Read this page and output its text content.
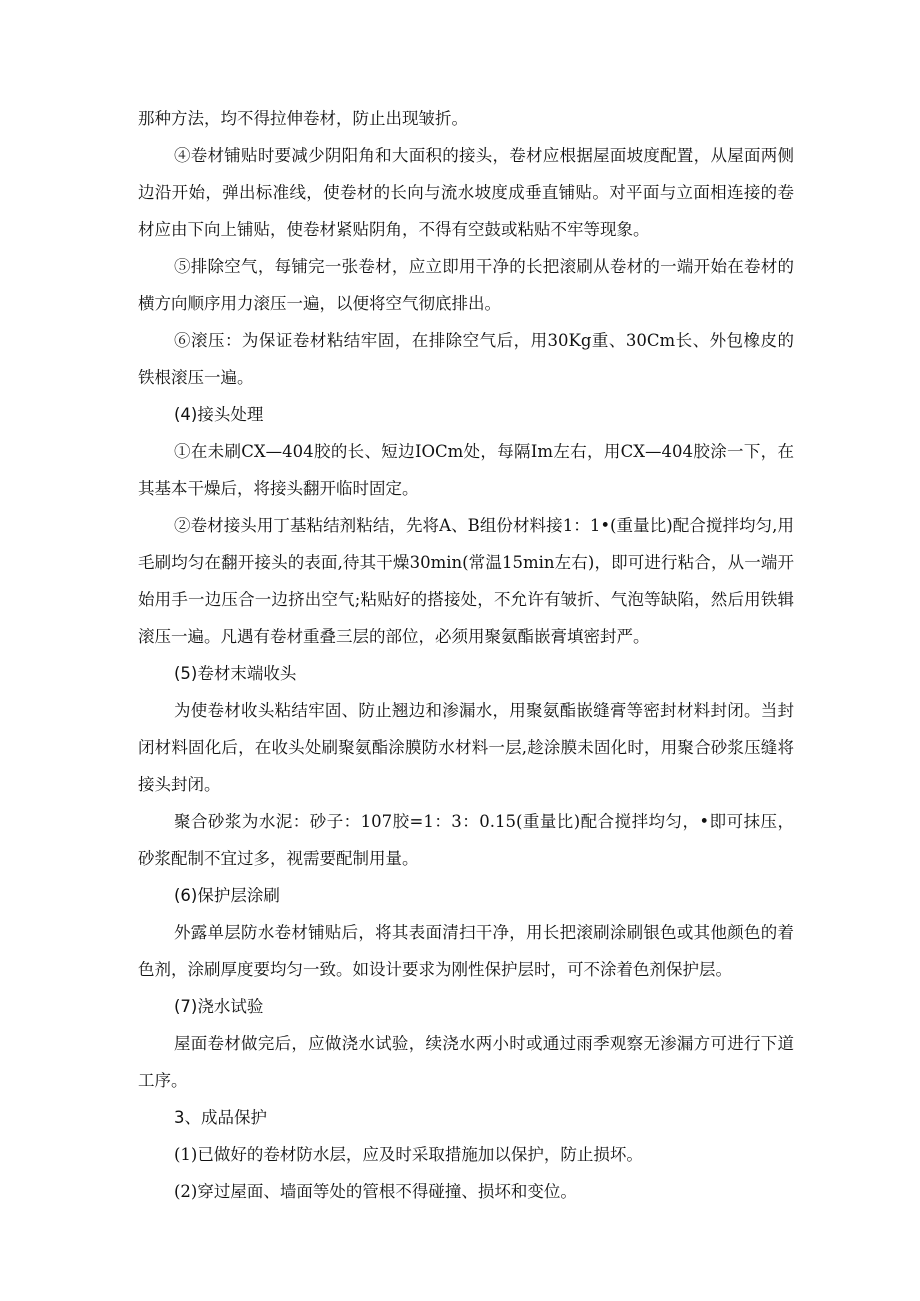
那种方法，均不得拉伸卷材，防止出现皱折。

④卷材铺贴时要减少阴阳角和大面积的接头，卷材应根据屋面坡度配置，从屋面两侧边沿开始，弹出标准线，使卷材的长向与流水坡度成垂直铺贴。对平面与立面相连接的卷材应由下向上铺贴，使卷材紧贴阴角，不得有空鼓或粘贴不牢等现象。

⑤排除空气，每铺完一张卷材，应立即用干净的长把滚刷从卷材的一端开始在卷材的横方向顺序用力滚压一遍，以便将空气彻底排出。

⑥滚压：为保证卷材粘结牢固，在排除空气后，用30Kg重、30Cm长、外包橡皮的铁根滚压一遍。

(4)接头处理

①在未刷CX—404胶的长、短边IOCm处，每隔Im左右，用CX—404胶涂一下，在其基本干燥后，将接头翻开临时固定。

②卷材接头用丁基粘结剂粘结，先将A、B组份材料接1：1•(重量比)配合搅拌均匀,用毛刷均匀在翻开接头的表面,待其干燥30min(常温15min左右)，即可进行粘合，从一端开始用手一边压合一边挤出空气;粘贴好的搭接处，不允许有皱折、气泡等缺陷，然后用铁辑滚压一遍。凡遇有卷材重叠三层的部位，必须用聚氨酯嵌膏填密封严。

(5)卷材末端收头

为使卷材收头粘结牢固、防止翘边和渗漏水，用聚氨酯嵌缝膏等密封材料封闭。当封闭材料固化后，在收头处刷聚氨酯涂膜防水材料一层,趁涂膜未固化时，用聚合砂浆压缝将接头封闭。

聚合砂浆为水泥：砂子：107胶=1：3：0.15(重量比)配合搅拌均匀，•即可抹压，砂浆配制不宜过多，视需要配制用量。

(6)保护层涂刷

外露单层防水卷材铺贴后，将其表面清扫干净，用长把滚刷涂刷银色或其他颜色的着色剂，涂刷厚度要均匀一致。如设计要求为刚性保护层时，可不涂着色剂保护层。

(7)浇水试验

屋面卷材做完后，应做浇水试验，续浇水两小时或通过雨季观察无渗漏方可进行下道工序。

3、成品保护

(1)已做好的卷材防水层，应及时采取措施加以保护，防止损坏。

(2)穿过屋面、墙面等处的管根不得碰撞、损坏和变位。
